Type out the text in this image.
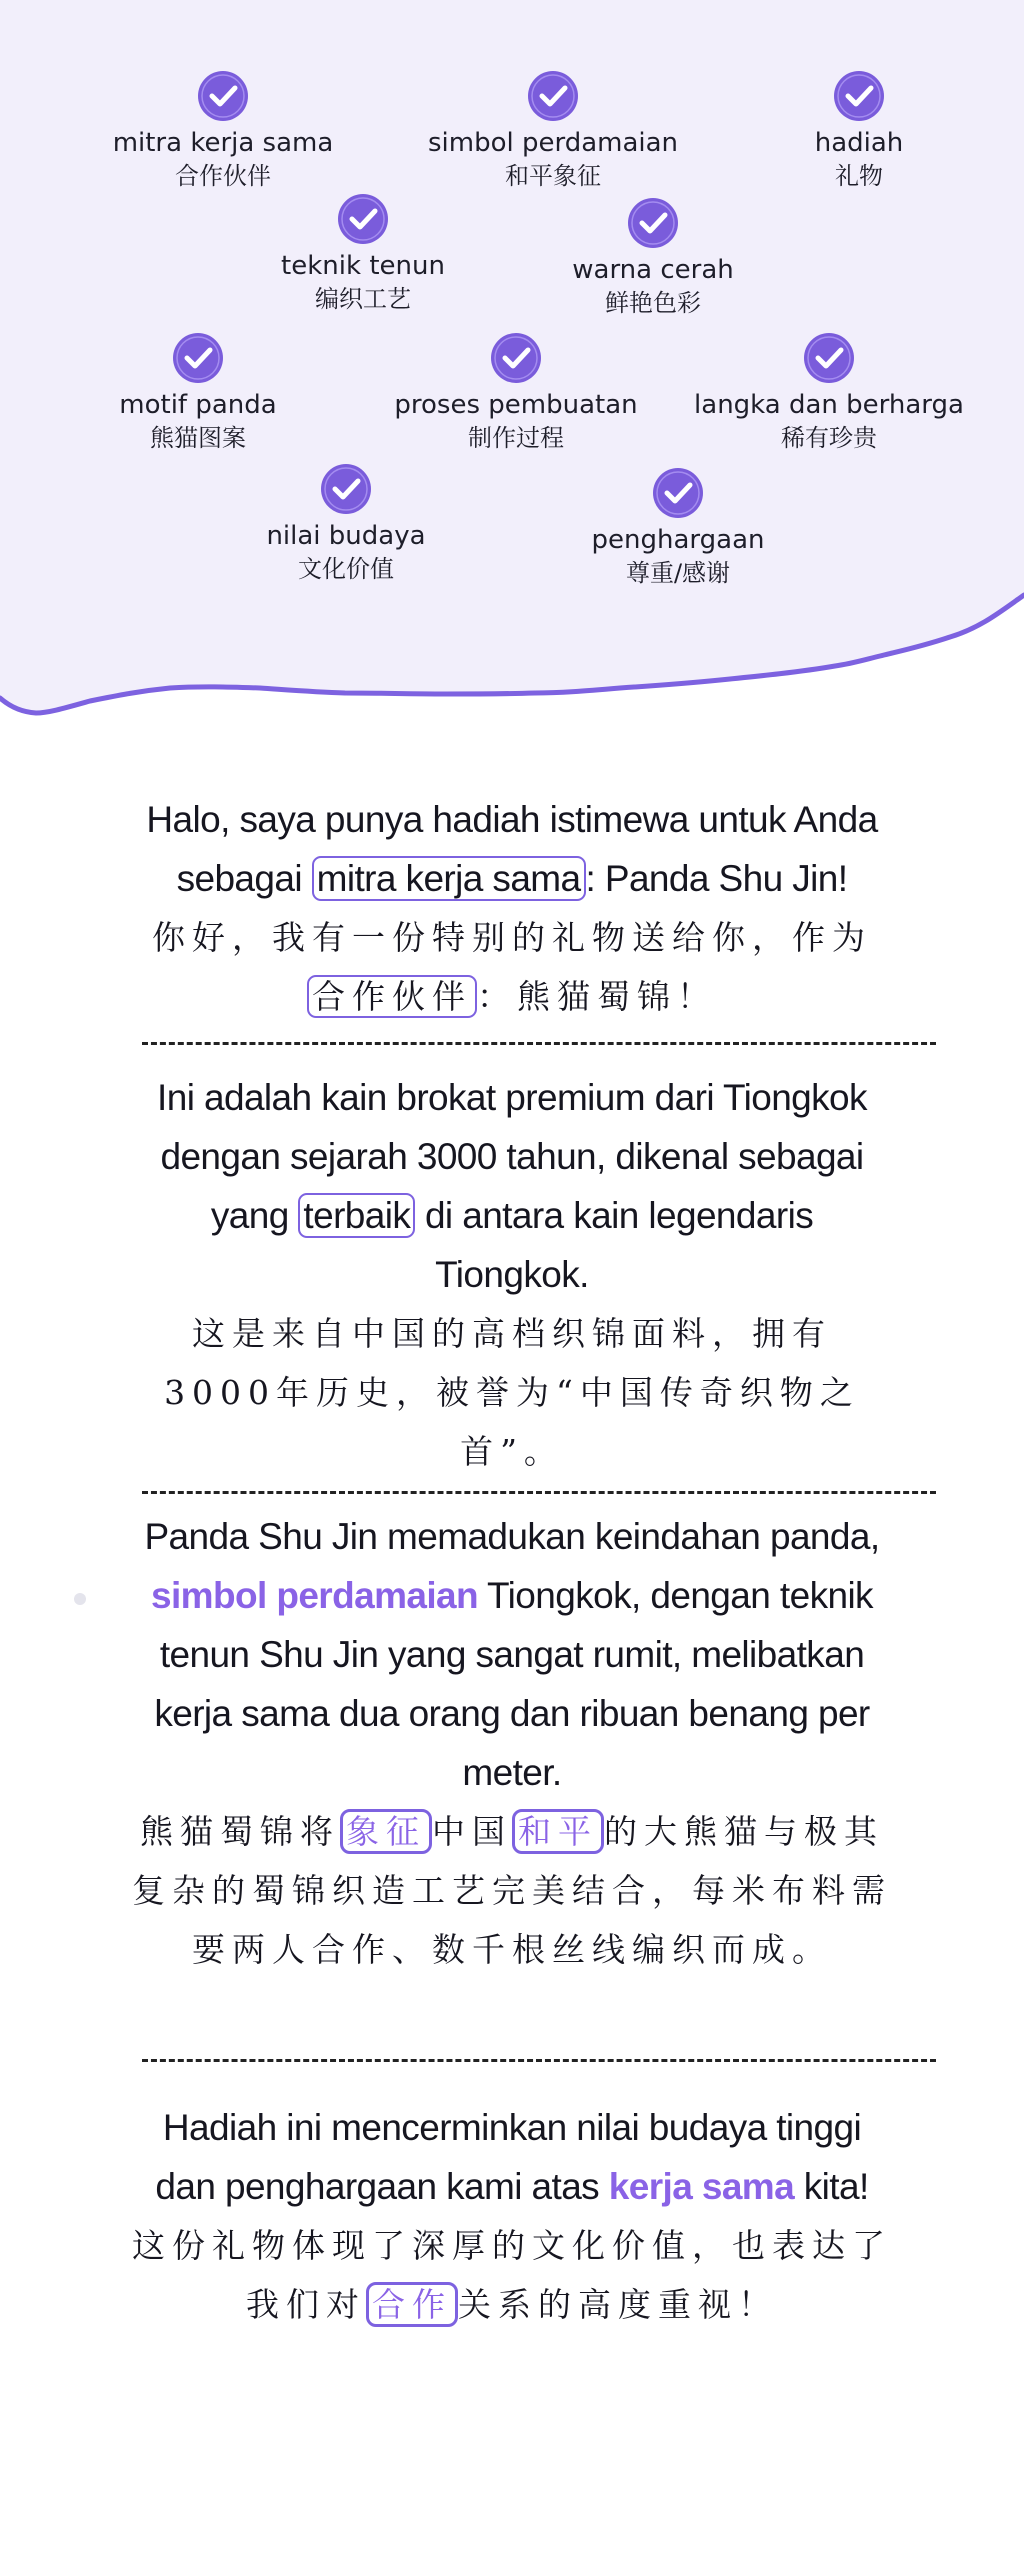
mitra kerja sama
合作伙伴
simbol perdamaian
和平象征
hadiah
礼物
teknik tenun
编织工艺
warna cerah
鲜艳色彩
motif panda
熊猫图案
proses pembuatan
制作过程
langka dan berharga
稀有珍贵
nilai budaya
文化价值
penghargaan
尊重/感谢
Halo, saya punya hadiah istimewa untuk Anda sebagai mitra kerja sama : Panda Shu Jin!
你好，我有一份特别的礼物送给你，作为合作伙伴 ：熊猫蜀锦！
Ini adalah kain brokat premium dari Tiongkok dengan sejarah 3000 tahun, dikenal sebagai yang terbaik di antara kain legendaris Tiongkok.
这是来自中国的高档织锦面料，拥有3000年历史，被誉为“中国传奇织物之首”。
Panda Shu Jin memadukan keindahan panda, simbol perdamaian Tiongkok, dengan teknik tenun Shu Jin yang sangat rumit, melibatkan kerja sama dua orang dan ribuan benang per meter.
熊猫蜀锦将 象征 中国 和平 的大熊猫与极其复杂的蜀锦织造工艺完美结合，每米布料需要两人合作、数千根丝线编织而成。
Hadiah ini mencerminkan nilai budaya tinggi dan penghargaan kami atas kerja sama kita!
这份礼物体现了深厚的文化价值，也表达了我们对 合作 关系的高度重视！
